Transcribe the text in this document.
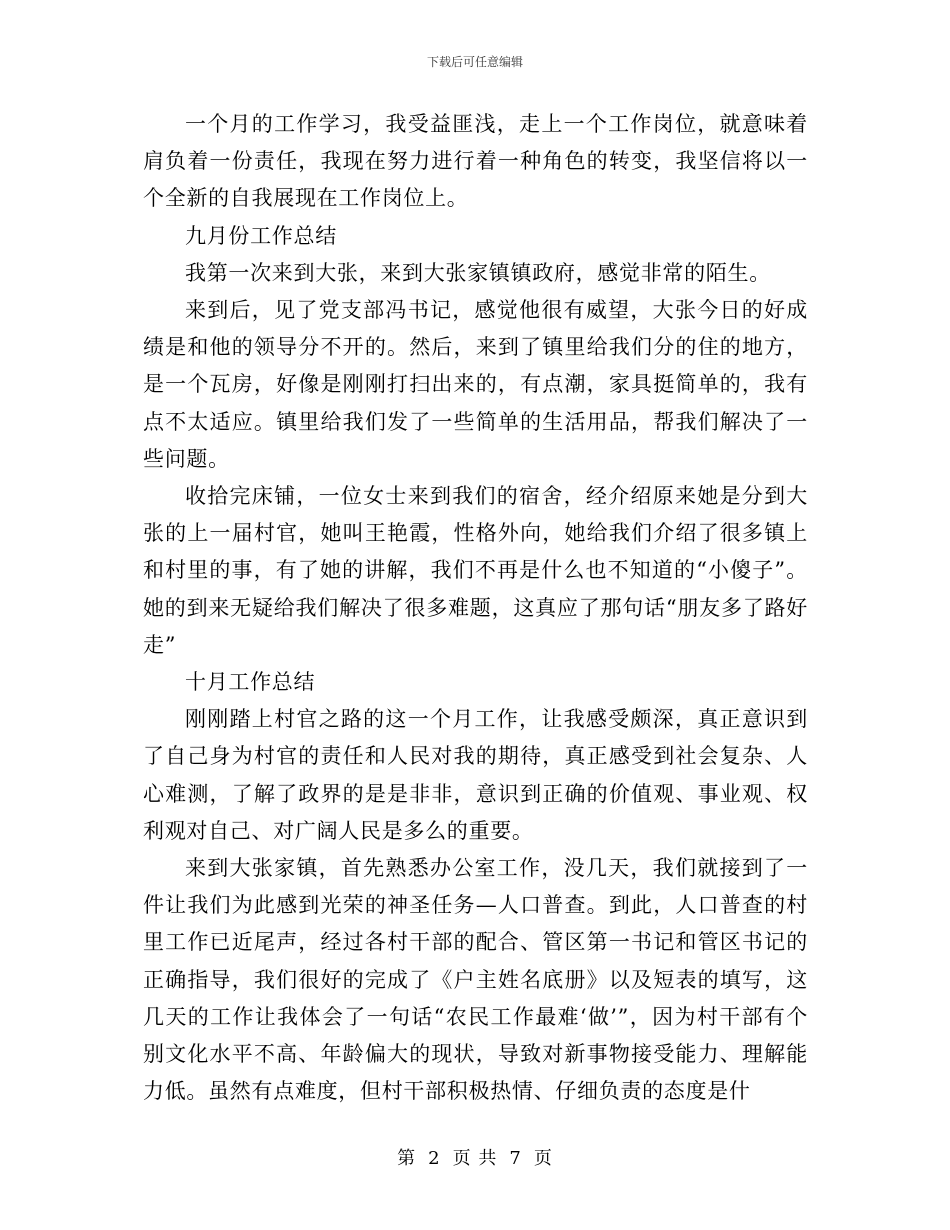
下载后可任意编辑

一个月的工作学习，我受益匪浅，走上一个工作岗位，就意味着肩负着一份责任，我现在努力进行着一种角色的转变，我坚信将以一个全新的自我展现在工作岗位上。

九月份工作总结

我第一次来到大张，来到大张家镇镇政府，感觉非常的陌生。

来到后，见了党支部冯书记，感觉他很有威望，大张今日的好成绩是和他的领导分不开的。然后，来到了镇里给我们分的住的地方，是一个瓦房，好像是刚刚打扫出来的，有点潮，家具挺简单的，我有点不太适应。镇里给我们发了一些简单的生活用品，帮我们解决了一些问题。

收拾完床铺，一位女士来到我们的宿舍，经介绍原来她是分到大张的上一届村官，她叫王艳霞，性格外向，她给我们介绍了很多镇上和村里的事，有了她的讲解，我们不再是什么也不知道的“小傻子”。她的到来无疑给我们解决了很多难题，这真应了那句话“朋友多了路好走”

十月工作总结

刚刚踏上村官之路的这一个月工作，让我感受颇深，真正意识到了自己身为村官的责任和人民对我的期待，真正感受到社会复杂、人心难测，了解了政界的是是非非，意识到正确的价值观、事业观、权利观对自己、对广阔人民是多么的重要。

来到大张家镇，首先熟悉办公室工作，没几天，我们就接到了一件让我们为此感到光荣的神圣任务—人口普查。到此，人口普查的村里工作已近尾声，经过各村干部的配合、管区第一书记和管区书记的正确指导，我们很好的完成了《户主姓名底册》以及短表的填写，这几天的工作让我体会了一句话“农民工作最难‘做’”，因为村干部有个别文化水平不高、年龄偏大的现状，导致对新事物接受能力、理解能力低。虽然有点难度，但村干部积极热情、仔细负责的态度是什

第 2 页 共 7 页
